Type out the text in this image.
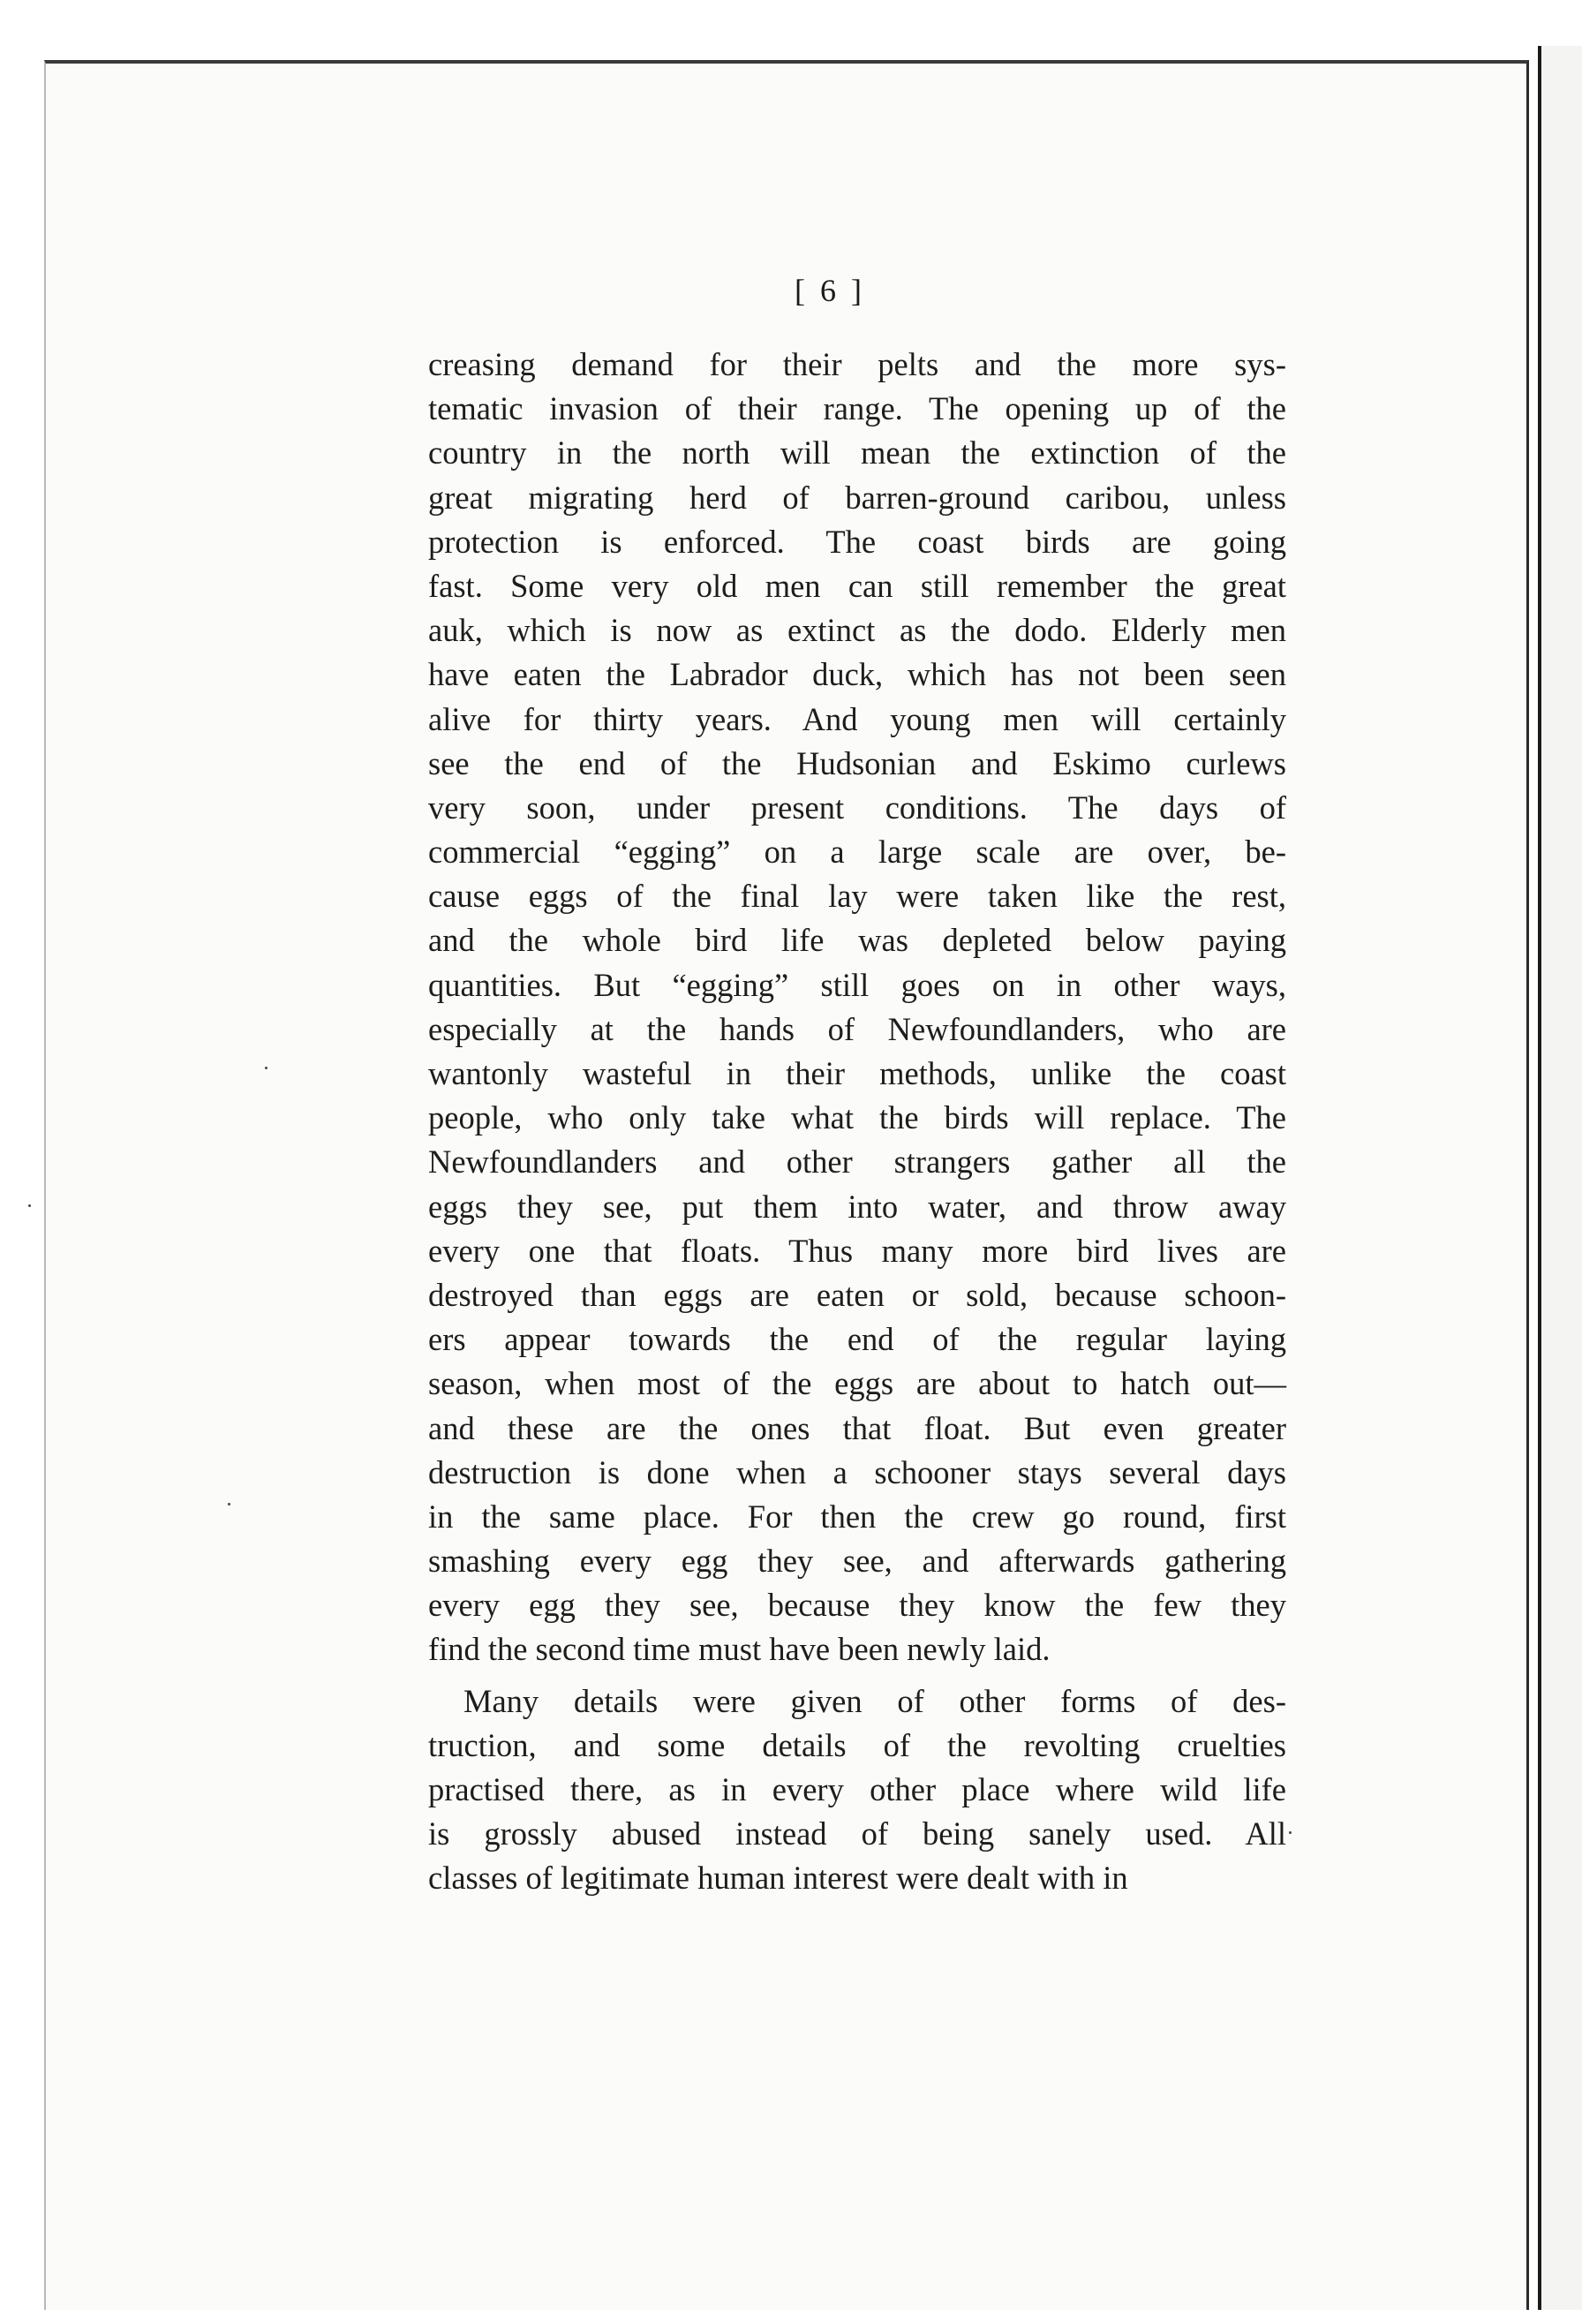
[ 6 ]
creasing demand for their pelts and the more sys-
tematic invasion of their range. The opening up of the
country in the north will mean the extinction of the
great migrating herd of barren-ground caribou, unless
protection is enforced. The coast birds are going
fast. Some very old men can still remember the great
auk, which is now as extinct as the dodo. Elderly men
have eaten the Labrador duck, which has not been seen
alive for thirty years. And young men will certainly
see the end of the Hudsonian and Eskimo curlews
very soon, under present conditions. The days of
commercial “egging” on a large scale are over, be-
cause eggs of the final lay were taken like the rest,
and the whole bird life was depleted below paying
quantities. But “egging” still goes on in other ways,
especially at the hands of Newfoundlanders, who are
wantonly wasteful in their methods, unlike the coast
people, who only take what the birds will replace. The
Newfoundlanders and other strangers gather all the
eggs they see, put them into water, and throw away
every one that floats. Thus many more bird lives are
destroyed than eggs are eaten or sold, because schoon-
ers appear towards the end of the regular laying
season, when most of the eggs are about to hatch out—
and these are the ones that float. But even greater
destruction is done when a schooner stays several days
in the same place. For then the crew go round, first
smashing every egg they see, and afterwards gathering
every egg they see, because they know the few they
find the second time must have been newly laid.
Many details were given of other forms of des-
truction, and some details of the revolting cruelties
practised there, as in every other place where wild life
is grossly abused instead of being sanely used. All
classes of legitimate human interest were dealt with in
